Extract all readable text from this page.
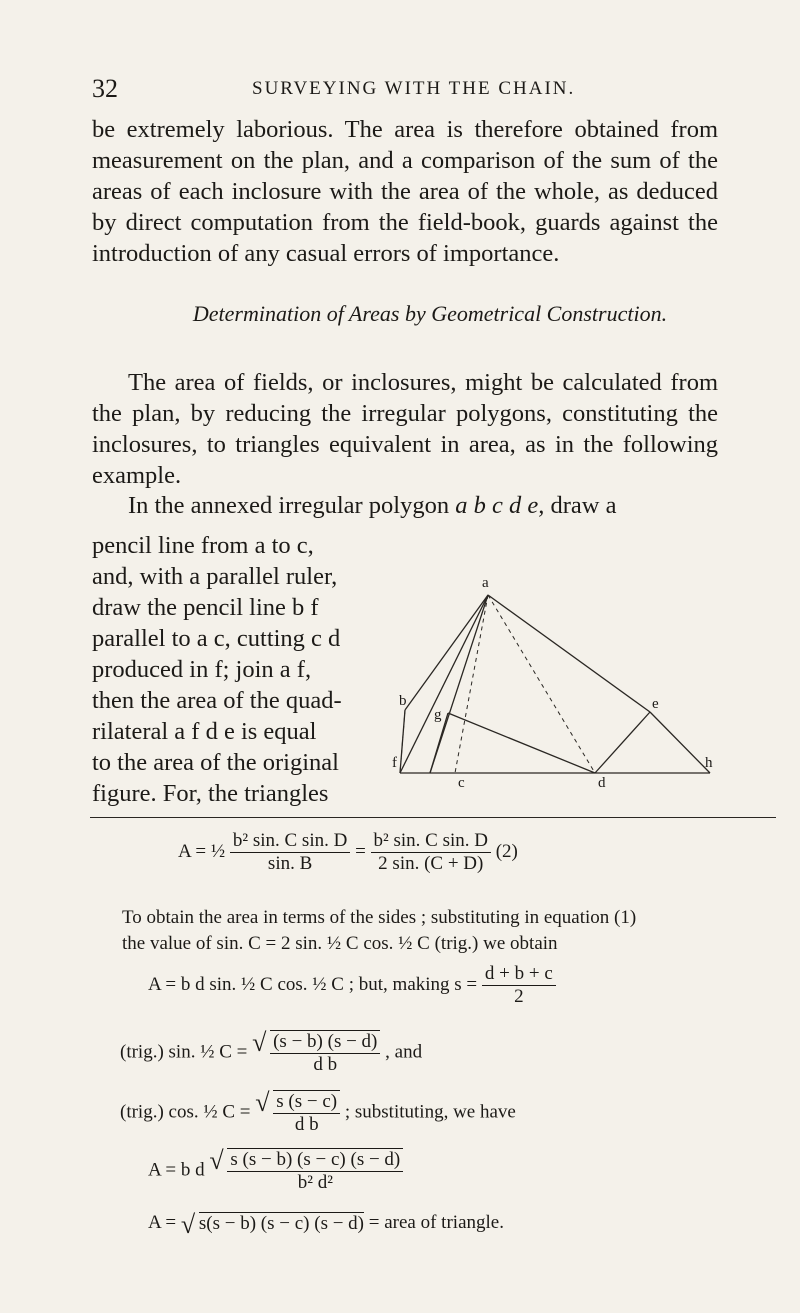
32	SURVEYING WITH THE CHAIN.
be extremely laborious. The area is therefore obtained from measurement on the plan, and a comparison of the sum of the areas of each inclosure with the area of the whole, as deduced by direct computation from the field-book, guards against the introduction of any casual errors of importance.
Determination of Areas by Geometrical Construction.
The area of fields, or inclosures, might be calculated from the plan, by reducing the irregular polygons, constituting the inclosures, to triangles equivalent in area, as in the following example.
In the annexed irregular polygon a b c d e, draw a
pencil line from a to c,
and, with a parallel ruler,
draw the pencil line b f
parallel to a c, cutting c d
produced in f; join a f,
then the area of the quad-
rilateral a f d e is equal
to the area of the original
figure. For, the triangles
a
b
g
e
f
c	d
h
A = ½ $\frac{\text{b² sin. C sin. D}}{\sin. B} = \frac{\text{b² sin. C sin. D}}{2 \sin. (C + D)} (2)$
To obtain the area in terms of the sides ; substituting in equation (1)
the value of sin. C = 2 sin. ½ C cos. ½ C (trig.) we obtain
A = b d sin. ½ C cos. ½ C ; but, making $s = \frac{d + b + c}{2}$
(trig.) sin. ½ C = √ $\frac{(s - b) (s - d)}{\text{d b}}$ , and
(trig.) cos. ½ C = √ $\frac{s (s - c)}{\text{d b}}$ ; substituting, we have
A = b d √ $\frac{s (s - b) (s - c) (s - d)}{\text{b² d²}}$
A = √ s(s − b) (s − c) (s − d) = area of triangle.
